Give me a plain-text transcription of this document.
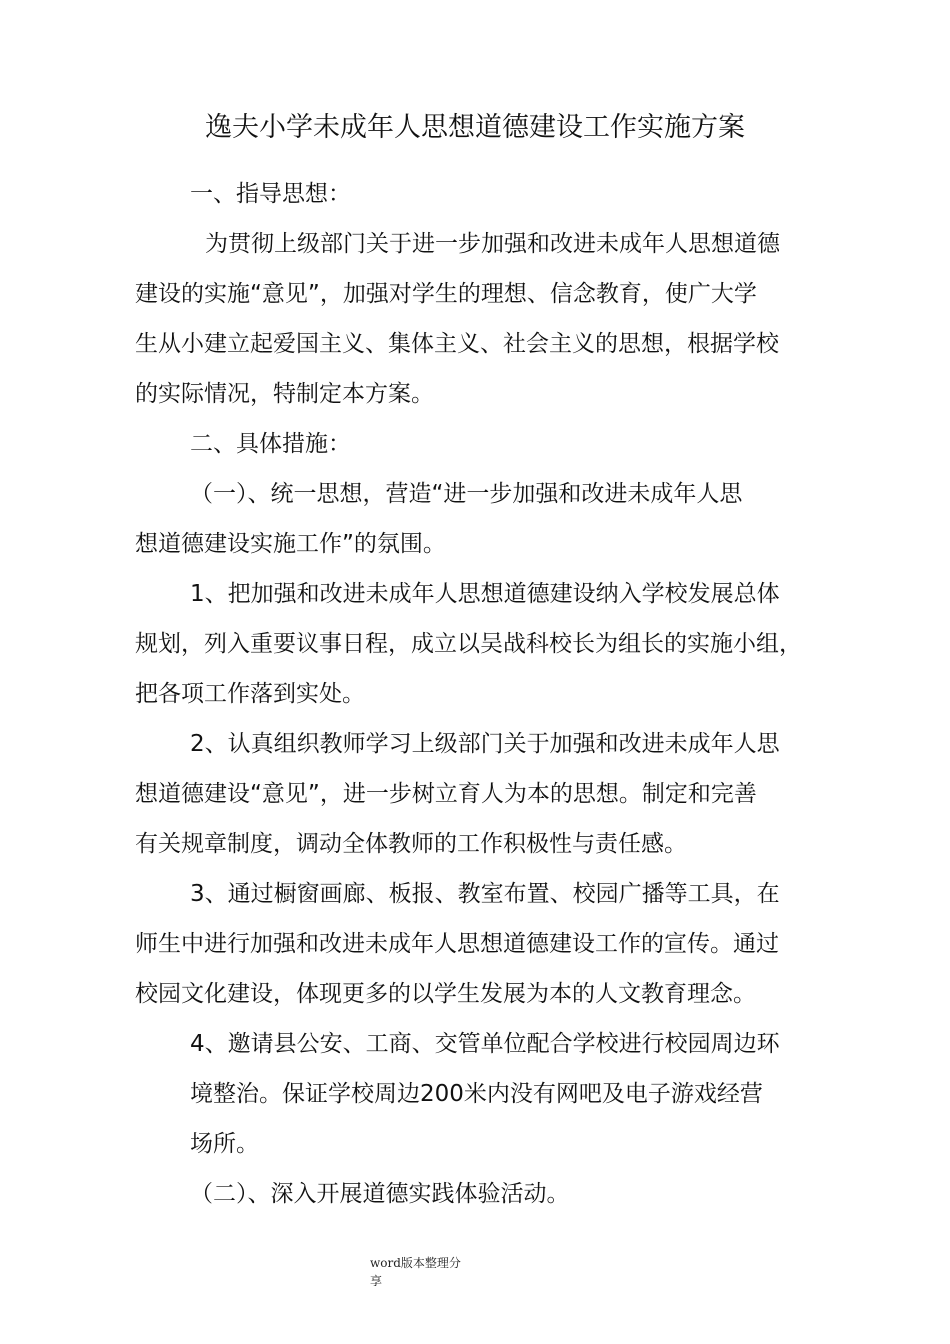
逸夫小学未成年人思想道德建设工作实施方案
一、指导思想：
为贯彻上级部门关于进一步加强和改进未成年人思想道德
建设的实施“意见”，加强对学生的理想、信念教育，使广大学
生从小建立起爱国主义、集体主义、社会主义的思想，根据学校
的实际情况，特制定本方案。
二、具体措施：
（一）、统一思想，营造“进一步加强和改进未成年人思
想道德建设实施工作”的氛围。
1、把加强和改进未成年人思想道德建设纳入学校发展总体
规划，列入重要议事日程，成立以吴战科校长为组长的实施小组，
把各项工作落到实处。
2、认真组织教师学习上级部门关于加强和改进未成年人思
想道德建设“意见”，进一步树立育人为本的思想。制定和完善
有关规章制度，调动全体教师的工作积极性与责任感。
3、通过橱窗画廊、板报、教室布置、校园广播等工具，在
师生中进行加强和改进未成年人思想道德建设工作的宣传。通过
校园文化建设，体现更多的以学生发展为本的人文教育理念。
4、邀请县公安、工商、交管单位配合学校进行校园周边环
境整治。保证学校周边200米内没有网吧及电子游戏经营
场所。
（二）、深入开展道德实践体验活动。
word版本整理分
享
